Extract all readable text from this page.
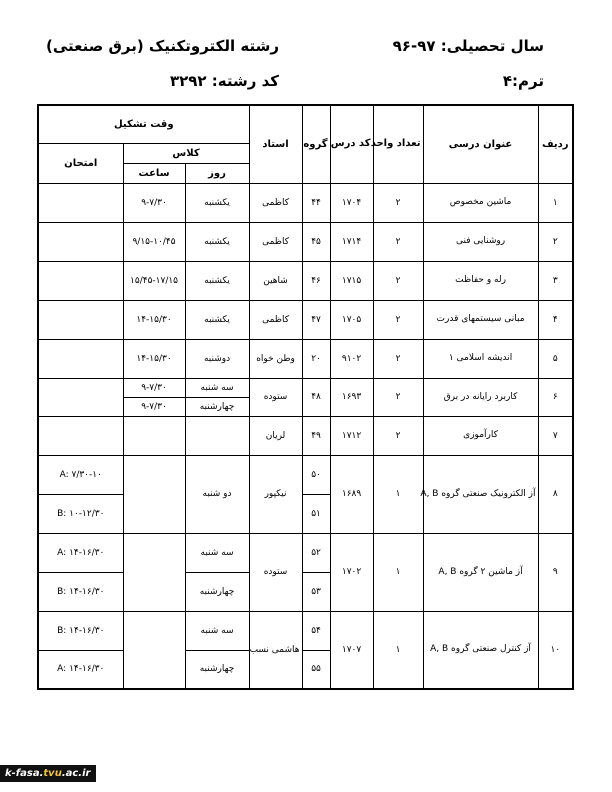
سال تحصیلی: ۹۷-۹۶
رشته الکتروتکنیک (برق صنعتی)
ترم:۴
کد رشته: ۳۲۹۲
ردیف	عنوان درسی	تعداد واحد	کد درس	گروه	استاد	وقت تشکیل		
						کلاس		امتحان
						روز	ساعت	
۱	ماشین مخصوص	۲	۱۷۰۴	۴۴	کاظمی	یکشنبه	۹-۷/۳۰	
۲	روشنایی فنی	۲	۱۷۱۴	۴۵	کاظمی	یکشنبه	۹/۱۵-۱۰/۴۵	
۳	رله و حفاظت	۲	۱۷۱۵	۴۶	شاهین	یکشنبه	۱۵/۴۵-۱۷/۱۵	
۴	مبانی سیستمهای قدرت	۲	۱۷۰۵	۴۷	کاظمی	یکشنبه	۱۴-۱۵/۳۰	
۵	اندیشه اسلامی ۱	۲	۹۱۰۲	۲۰	وطن خواه	دوشنبه	۱۴-۱۵/۳۰	
۶	کاربرد رایانه در برق	۲	۱۶۹۳	۴۸	ستوده	سه شنبه	۹-۷/۳۰	
						چهارشنبه	۹-۷/۳۰	
۷	کارآموزی	۲	۱۷۱۲	۴۹	لریان			
۸	آز الکترونیک صنعتی گروه A, B	۱	۱۶۸۹	۵۰	نیکپور	دو شنبه		A: ۷/۳۰-۱۰
				۵۱				B: ۱۰-۱۲/۳۰
۹	آز ماشین ۲ گروه A, B	۱	۱۷۰۲	۵۲	ستوده	سه شنبه		A: ۱۴-۱۶/۳۰
				۵۳		چهارشنبه		B: ۱۴-۱۶/۳۰
۱۰	آز کنترل صنعتی گروه A, B	۱	۱۷۰۷	۵۴	هاشمی نسب	سه شنبه		B: ۱۴-۱۶/۳۰
				۵۵		چهارشنبه		A: ۱۴-۱۶/۳۰
k-fasa.tvu.ac.ir
